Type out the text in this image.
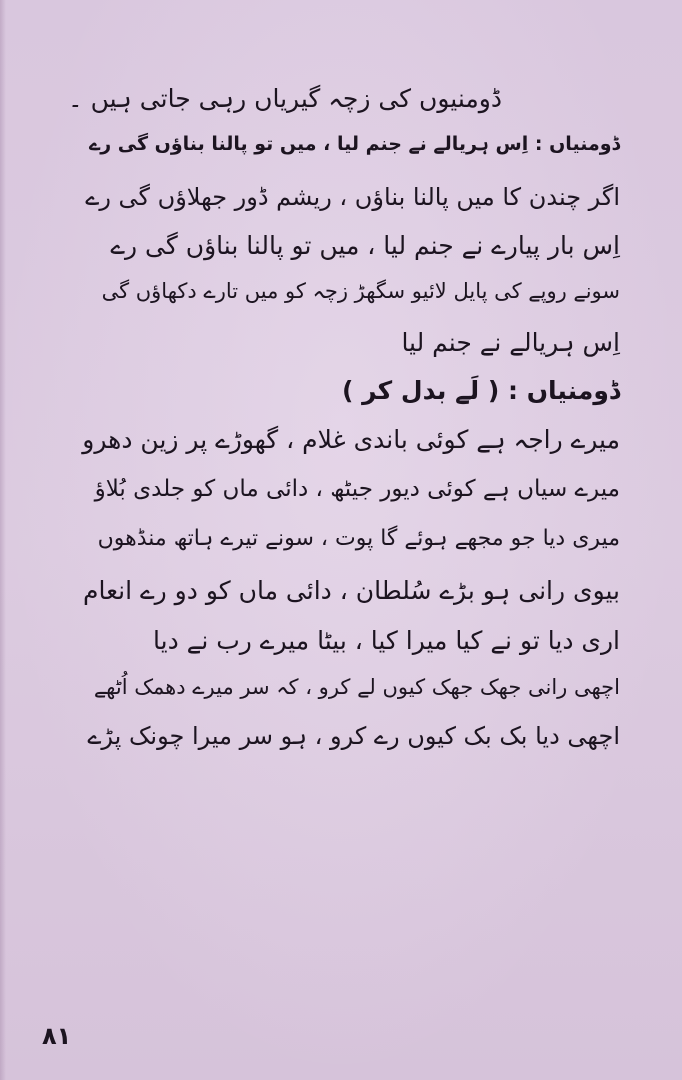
ڈومنیوں کی زچہ گیریاں رہی جاتی ہیں ۔
ڈومنیاں : اِس ہریالے نے جنم لیا ، میں تو پالنا بناؤں گی رے
اگر چندن کا میں پالنا بناؤں ، ریشم ڈور جھلاؤں گی رے
اِس بار پیارے نے جنم لیا ، میں تو پالنا بناؤں گی رے
سونے روپے کی پایل لائیو سگھڑ زچہ کو میں تارے دکھاؤں گی
اِس ہریالے نے جنم لیا
ڈومنیاں : ( لَے بدل کر )
میرے راجہ ہے کوئی باندی غلام ، گھوڑے پر زین دھرو
میرے سیاں ہے کوئی دیور جیٹھ ، دائی ماں کو جلدی بُلاؤ
میری دیا جو مجھے ہوئے گا پوت ، سونے تیرے ہاتھ منڈھوں
بیوی رانی ہو بڑے سُلطان ، دائی ماں کو دو رے انعام
اری دیا تو نے کیا میرا کیا ، بیٹا میرے رب نے دیا
اچھی رانی جھک جھک کیوں لے کرو ، کہ سر میرے دھمک اُٹھے
اچھی دیا بک بک کیوں رے کرو ، ہو سر میرا چونک پڑے
۸۱
